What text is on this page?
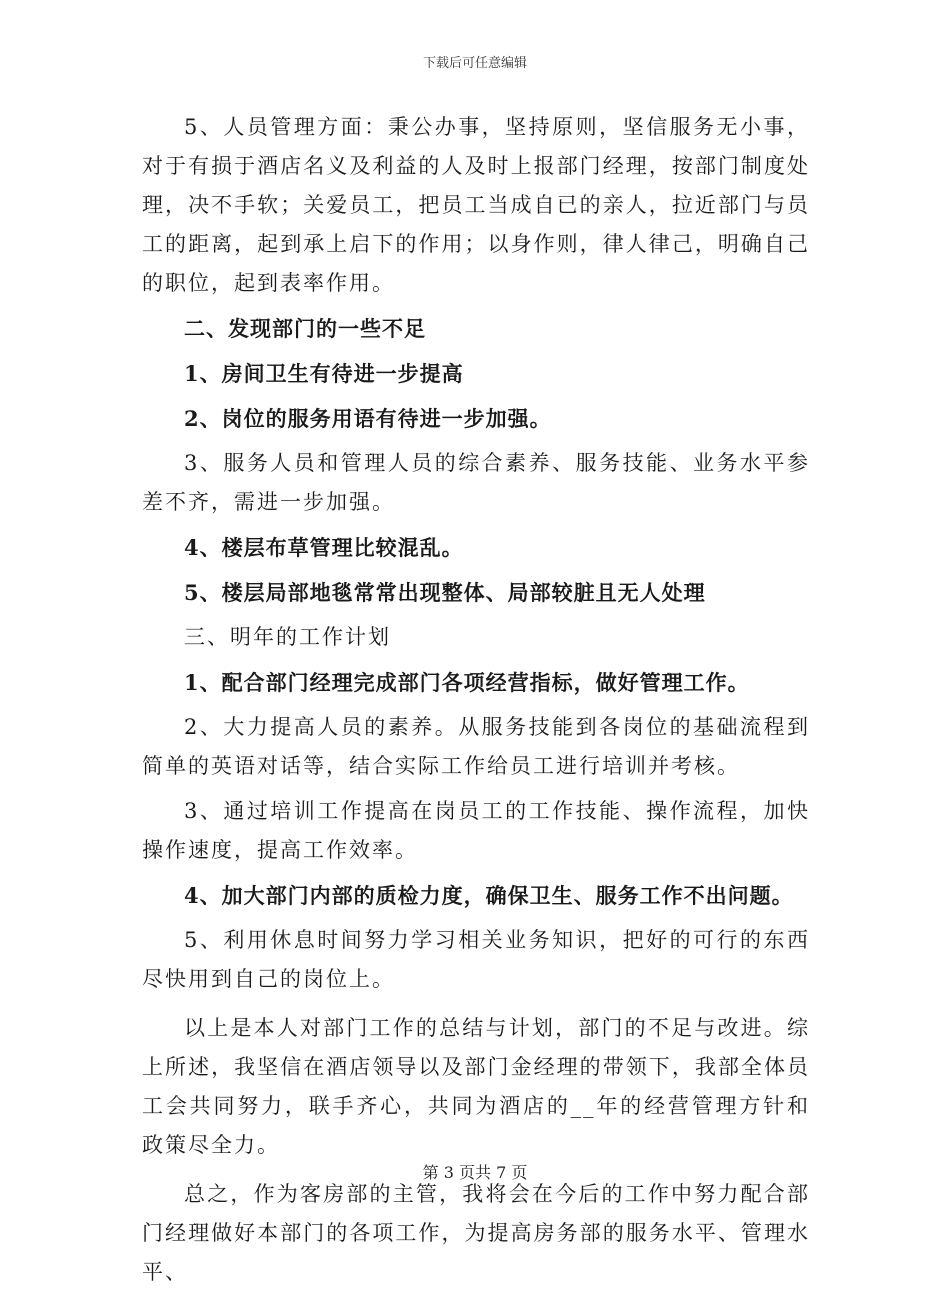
下载后可任意编辑

5、人员管理方面：秉公办事，坚持原则，坚信服务无小事，对于有损于酒店名义及利益的人及时上报部门经理，按部门制度处理，决不手软；关爱员工，把员工当成自已的亲人，拉近部门与员工的距离，起到承上启下的作用；以身作则，律人律己，明确自己的职位，起到表率作用。

二、发现部门的一些不足

1、房间卫生有待进一步提高

2、岗位的服务用语有待进一步加强。

3、服务人员和管理人员的综合素养、服务技能、业务水平参差不齐，需进一步加强。

4、楼层布草管理比较混乱。

5、楼层局部地毯常常出现整体、局部较脏且无人处理

三、明年的工作计划

1、配合部门经理完成部门各项经营指标，做好管理工作。

2、大力提高人员的素养。从服务技能到各岗位的基础流程到简单的英语对话等，结合实际工作给员工进行培训并考核。

3、通过培训工作提高在岗员工的工作技能、操作流程，加快操作速度，提高工作效率。

4、加大部门内部的质检力度，确保卫生、服务工作不出问题。

5、利用休息时间努力学习相关业务知识，把好的可行的东西尽快用到自己的岗位上。

以上是本人对部门工作的总结与计划，部门的不足与改进。综上所述，我坚信在酒店领导以及部门金经理的带领下，我部全体员工会共同努力，联手齐心，共同为酒店的__年的经营管理方针和政策尽全力。

总之，作为客房部的主管，我将会在今后的工作中努力配合部门经理做好本部门的各项工作，为提高房务部的服务水平、管理水平、

第 3 页共 7 页
